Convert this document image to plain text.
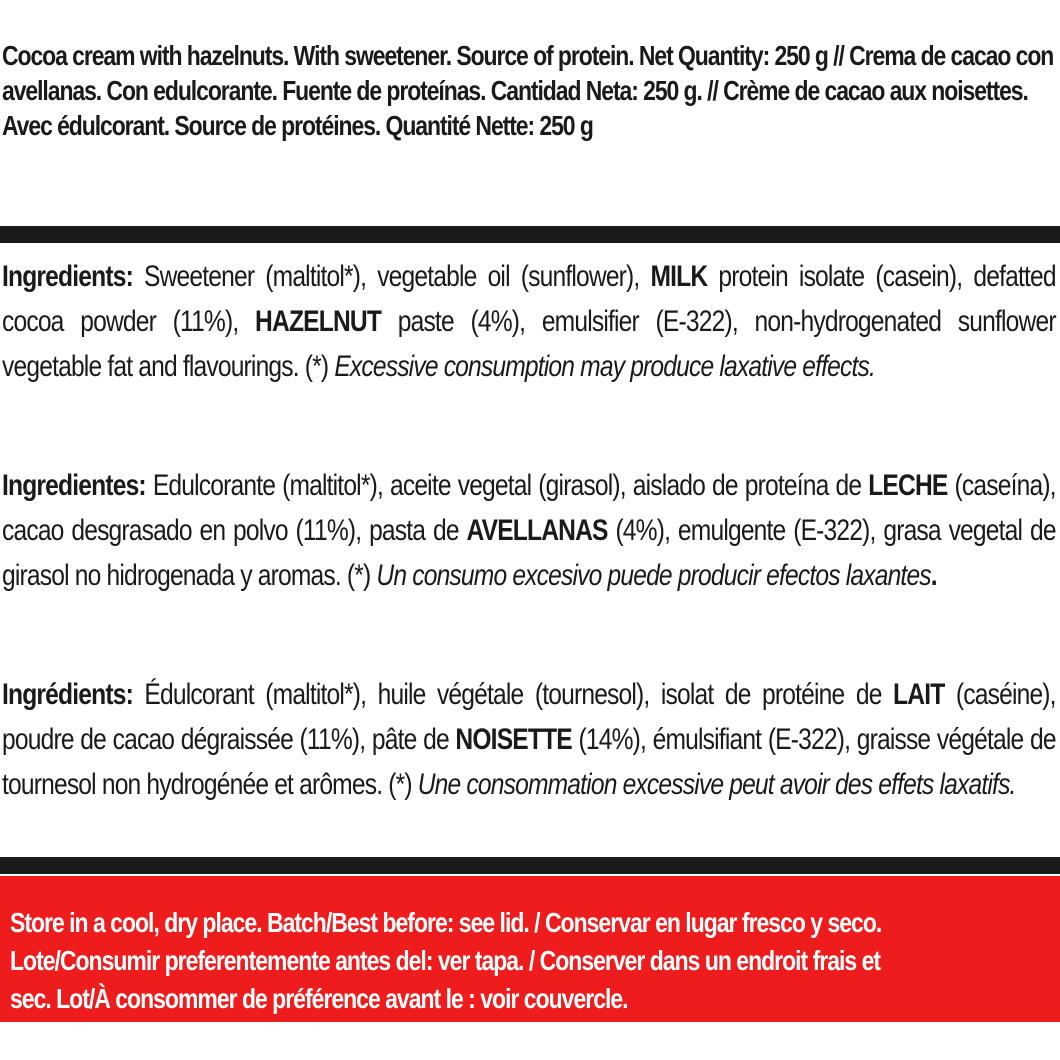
Cocoa cream with hazelnuts. With sweetener. Source of protein. Net Quantity: 250 g // Crema de cacao con avellanas. Con edulcorante. Fuente de proteínas. Cantidad Neta: 250 g. // Crème de cacao aux noisettes. Avec édulcorant. Source de protéines. Quantité Nette: 250 g
Ingredients: Sweetener (maltitol*), vegetable oil (sunflower), MILK protein isolate (casein), defatted cocoa powder (11%), HAZELNUT paste (4%), emulsifier (E-322), non-hydrogenated sunflower vegetable fat and flavourings. (*) Excessive consumption may produce laxative effects.
Ingredientes: Edulcorante (maltitol*), aceite vegetal (girasol), aislado de proteína de LECHE (caseína), cacao desgrasado en polvo (11%), pasta de AVELLANAS (4%), emulgente (E-322), grasa vegetal de girasol no hidrogenada y aromas. (*) Un consumo excesivo puede producir efectos laxantes.
Ingrédients: Édulcorant (maltitol*), huile végétale (tournesol), isolat de protéine de LAIT (caséine), poudre de cacao dégraissée (11%), pâte de NOISETTE (14%), émulsifiant (E-322), graisse végétale de tournesol non hydrogénée et arômes. (*) Une consommation excessive peut avoir des effets laxatifs.
Store in a cool, dry place. Batch/Best before: see lid. / Conservar en lugar fresco y seco.
Lote/Consumir preferentemente antes del: ver tapa. / Conserver dans un endroit frais et
sec. Lot/À consommer de préférence avant le : voir couvercle.
